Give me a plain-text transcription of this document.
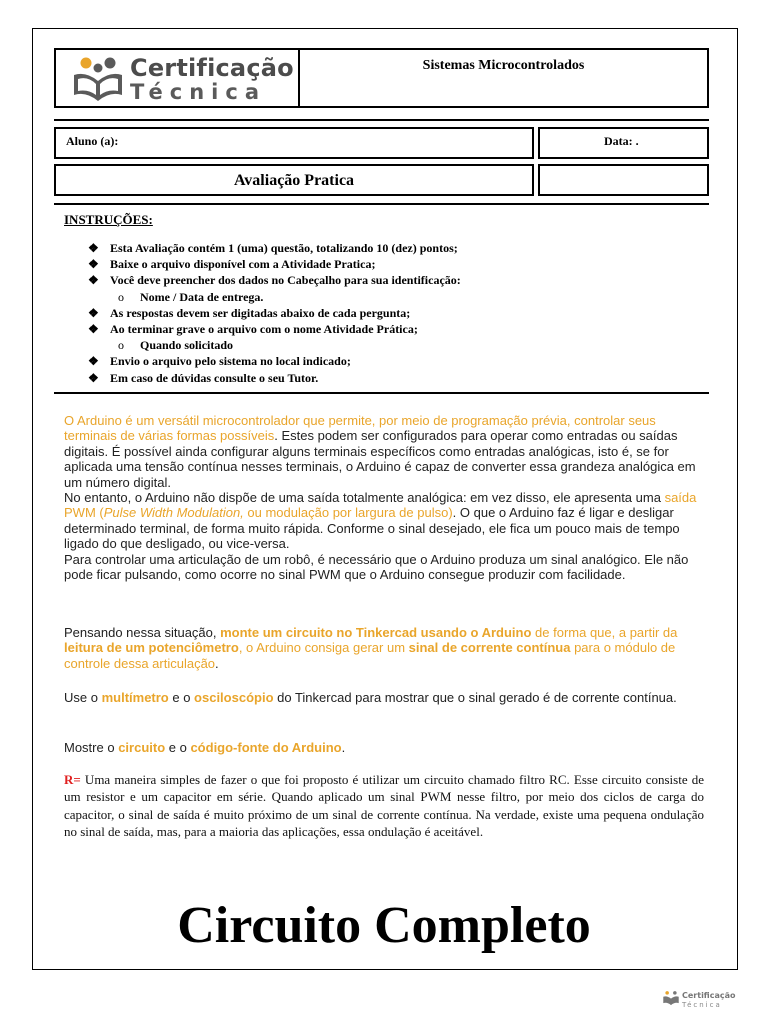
Certificação
Técnica
Sistemas Microcontrolados
Aluno (a):	Data: .
Avaliação Pratica
INSTRUÇÕES:
❖ Esta Avaliação contém 1 (uma) questão, totalizando 10 (dez) pontos;
❖ Baixe o arquivo disponível com a Atividade Pratica;
❖ Você deve preencher dos dados no Cabeçalho para sua identificação:
o Nome / Data de entrega.
❖ As respostas devem ser digitadas abaixo de cada pergunta;
❖ Ao terminar grave o arquivo com o nome Atividade Prática;
o Quando solicitado
❖ Envio o arquivo pelo sistema no local indicado;
❖ Em caso de dúvidas consulte o seu Tutor.
O Arduino é um versátil microcontrolador que permite, por meio de programação prévia, controlar seus terminais de várias formas possíveis. Estes podem ser configurados para operar como entradas ou saídas digitais. É possível ainda configurar alguns terminais específicos como entradas analógicas, isto é, se for aplicada uma tensão contínua nesses terminais, o Arduino é capaz de converter essa grandeza analógica em um número digital.
No entanto, o Arduino não dispõe de uma saída totalmente analógica: em vez disso, ele apresenta uma saída PWM (Pulse Width Modulation, ou modulação por largura de pulso). O que o Arduino faz é ligar e desligar determinado terminal, de forma muito rápida. Conforme o sinal desejado, ele fica um pouco mais de tempo ligado do que desligado, ou vice-versa.
Para controlar uma articulação de um robô, é necessário que o Arduino produza um sinal analógico. Ele não pode ficar pulsando, como ocorre no sinal PWM que o Arduino consegue produzir com facilidade.
Pensando nessa situação, monte um circuito no Tinkercad usando o Arduino de forma que, a partir da leitura de um potenciômetro, o Arduino consiga gerar um sinal de corrente contínua para o módulo de controle dessa articulação.
Use o multímetro e o osciloscópio do Tinkercad para mostrar que o sinal gerado é de corrente contínua.
Mostre o circuito e o código-fonte do Arduino.
R= Uma maneira simples de fazer o que foi proposto é utilizar um circuito chamado filtro RC. Esse circuito consiste de um resistor e um capacitor em série. Quando aplicado um sinal PWM nesse filtro, por meio dos ciclos de carga do capacitor, o sinal de saída é muito próximo de um sinal de corrente contínua. Na verdade, existe uma pequena ondulação no sinal de saída, mas, para a maioria das aplicações, essa ondulação é aceitável.
Circuito Completo
Certificação
Técnica
